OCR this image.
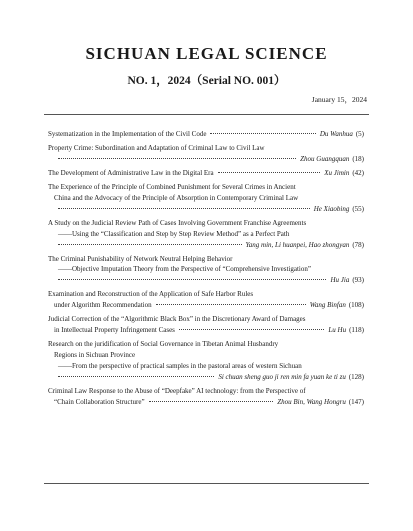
SICHUAN LEGAL SCIENCE
NO. 1，2024（Serial NO. 001）
January 15，2024
Systematization in the Implementation of the Civil Code	Du Wanhua (5)
Property Crime: Subordination and Adaptation of Criminal Law to Civil Law
Zhou Guangquan (18)
The Development of Administrative Law in the Digital Era	Xu Jimin (42)
The Experience of the Principle of Combined Punishment for Several Crimes in Ancient
China and the Advocacy of the Principle of Absorption in Contemporary Criminal Law
He Xiaobing (55)
A Study on the Judicial Review Path of Cases Involving Government Franchise Agreements
——Using the “Classification and Step by Step Review Method” as a Perfect Path
Yang min, Li huanpei, Hao zhongyan (78)
The Criminal Punishability of Network Neutral Helping Behavior
——Objective Imputation Theory from the Perspective of “Comprehensive Investigation”
Hu Jia (93)
Examination and Reconstruction of the Application of Safe Harbor Rules
under Algorithm Recommendation	Wang Binfan (108)
Judicial Correction of the “Algorithmic Black Box” in the Discretionary Award of Damages
in Intellectual Property Infringement Cases	Lu Hu (118)
Research on the juridification of Social Governance in Tibetan Animal Husbandry
Regions in Sichuan Province
——From the perspective of practical samples in the pastoral areas of western Sichuan
Si chuan sheng guo ji ren min fa yuan ke ti zu (128)
Criminal Law Response to the Abuse of “Deepfake” AI technology: from the Perspective of
“Chain Collaboration Structure”	Zhou Bin, Wang Hongru (147)
